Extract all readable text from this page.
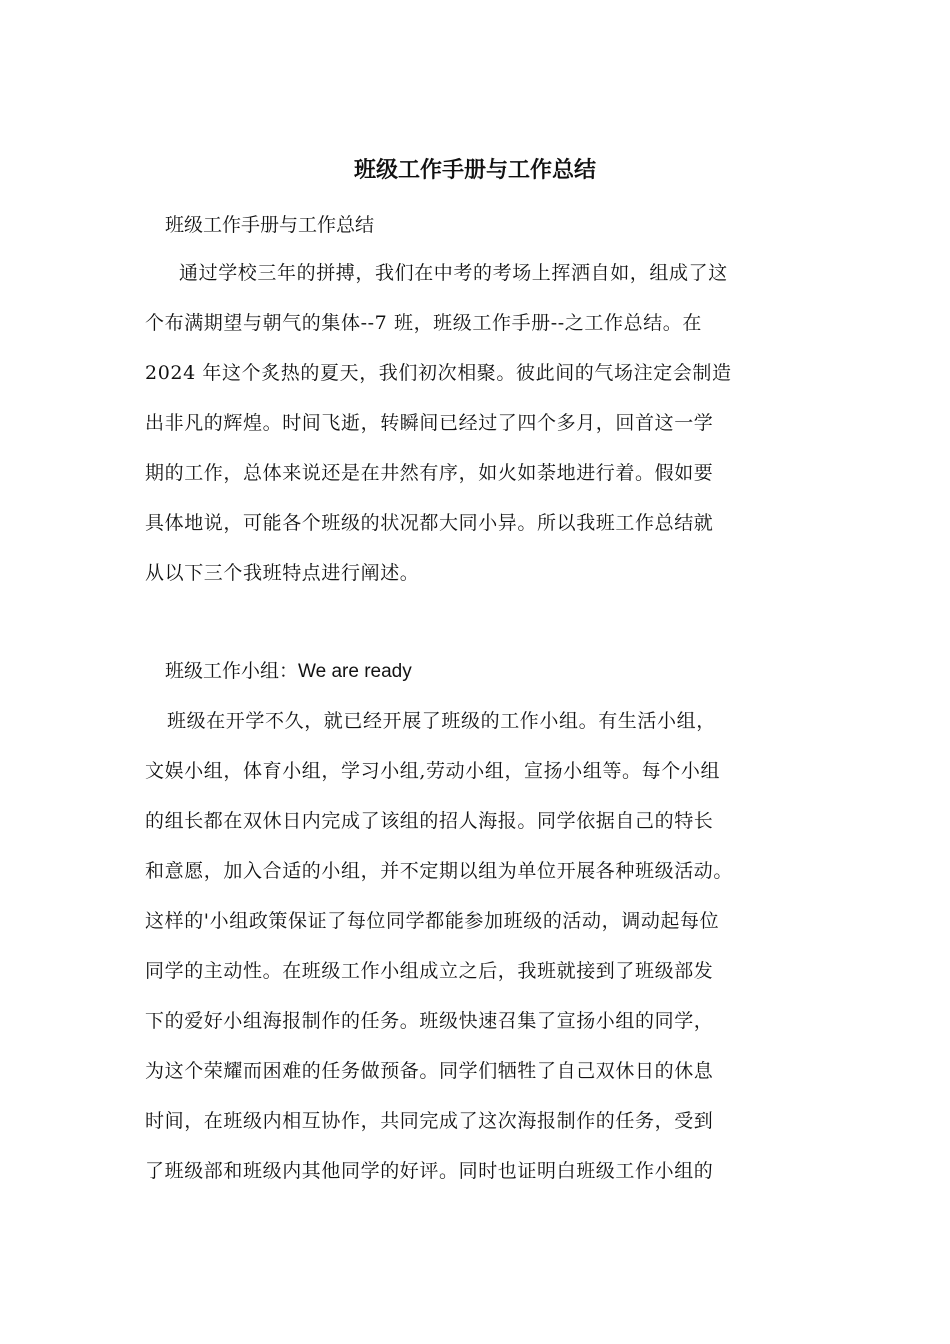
班级工作手册与工作总结
班级工作手册与工作总结

通过学校三年的拼搏，我们在中考的考场上挥洒自如，组成了这
个布满期望与朝气的集体--7 班，班级工作手册--之工作总结。在
2024 年这个炙热的夏天，我们初次相聚。彼此间的气场注定会制造
出非凡的辉煌。时间飞逝，转瞬间已经过了四个多月，回首这一学
期的工作，总体来说还是在井然有序，如火如荼地进行着。假如要
具体地说，可能各个班级的状况都大同小异。所以我班工作总结就
从以下三个我班特点进行阐述。

班级工作小组：We are ready

班级在开学不久，就已经开展了班级的工作小组。有生活小组，
文娱小组，体育小组，学习小组,劳动小组，宣扬小组等。每个小组
的组长都在双休日内完成了该组的招人海报。同学依据自己的特长
和意愿，加入合适的小组，并不定期以组为单位开展各种班级活动。
这样的'小组政策保证了每位同学都能参加班级的活动，调动起每位
同学的主动性。在班级工作小组成立之后，我班就接到了班级部发
下的爱好小组海报制作的任务。班级快速召集了宣扬小组的同学，
为这个荣耀而困难的任务做预备。同学们牺牲了自己双休日的休息
时间，在班级内相互协作，共同完成了这次海报制作的任务，受到
了班级部和班级内其他同学的好评。同时也证明白班级工作小组的
